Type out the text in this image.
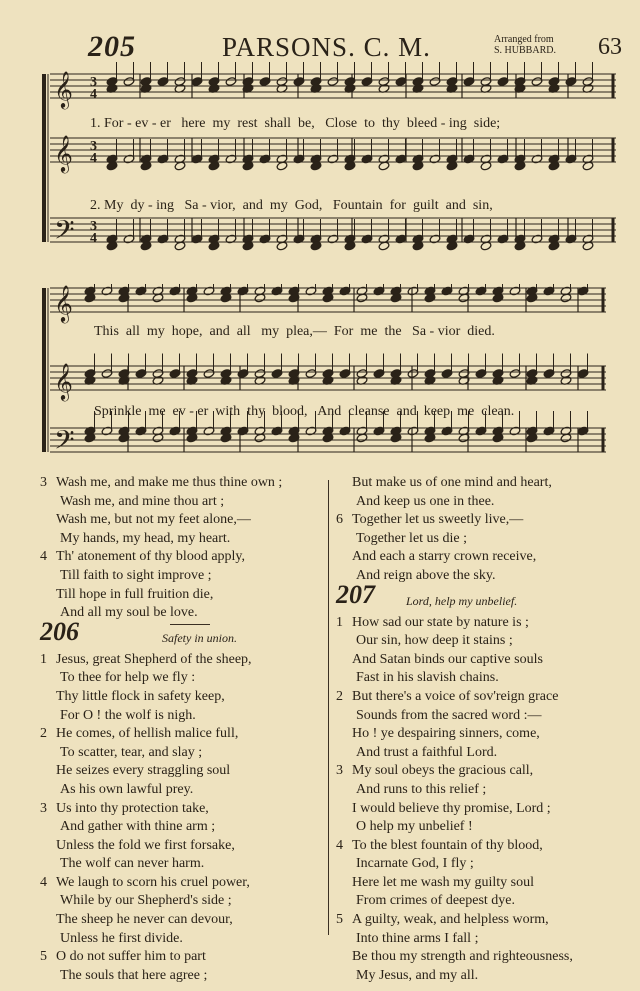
205	PARSONS. C. M.	Arranged from
S. HUBBARD. 63
𝄞 3
4
𝄞 3
4
𝄢 3
4
1. For - ev - er   here  my  rest  shall  be,   Close  to  thy  bleed - ing  side;
2. My  dy - ing   Sa - vior,  and  my  God,   Fountain  for  guilt  and  sin,
𝄞
𝄞
𝄢
This  all  my  hope,  and  all   my  plea,—  For  me  the   Sa - vior  died.
Sprinkle  me  ev - er  with  thy  blood,   And  cleanse  and  keep  me  clean.
3 Wash me, and make me thus thine own ;
Wash me, and mine thou art ;
Wash me, but not my feet alone,—
My hands, my head, my heart.
4 Th' atonement of thy blood apply,
Till faith to sight improve ;
Till hope in full fruition die,
And all my soul be love.
206	Safety in union.
1 Jesus, great Shepherd of the sheep,
To thee for help we fly :
Thy little flock in safety keep,
For O ! the wolf is nigh.
2 He comes, of hellish malice full,
To scatter, tear, and slay ;
He seizes every straggling soul
As his own lawful prey.
3 Us into thy protection take,
And gather with thine arm ;
Unless the fold we first forsake,
The wolf can never harm.
4 We laugh to scorn his cruel power,
While by our Shepherd's side ;
The sheep he never can devour,
Unless he first divide.
5 O do not suffer him to part
The souls that here agree ;
But make us of one mind and heart,
And keep us one in thee.
6 Together let us sweetly live,—
Together let us die ;
And each a starry crown receive,
And reign above the sky.
207	Lord, help my unbelief.
1 How sad our state by nature is ;
Our sin, how deep it stains ;
And Satan binds our captive souls
Fast in his slavish chains.
2 But there's a voice of sov'reign grace
Sounds from the sacred word :—
Ho ! ye despairing sinners, come,
And trust a faithful Lord.
3 My soul obeys the gracious call,
And runs to this relief ;
I would believe thy promise, Lord ;
O help my unbelief !
4 To the blest fountain of thy blood,
Incarnate God, I fly ;
Here let me wash my guilty soul
From crimes of deepest dye.
5 A guilty, weak, and helpless worm,
Into thine arms I fall ;
Be thou my strength and righteousness,
My Jesus, and my all.
